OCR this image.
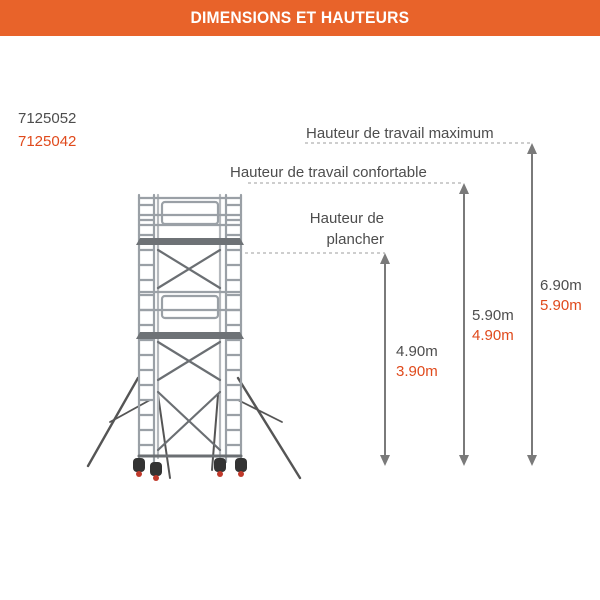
DIMENSIONS ET HAUTEURS
7125052
7125042	Hauteur de travail maximum
Hauteur de travail confortable
Hauteur de plancher
4.90m
3.90m
5.90m
4.90m
6.90m
5.90m
